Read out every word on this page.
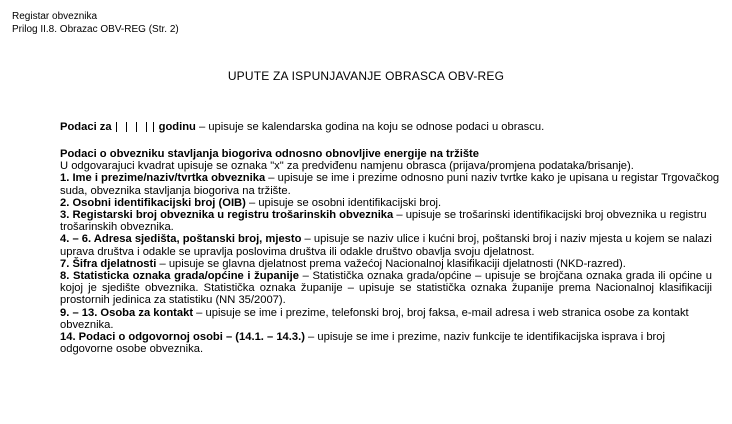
Registar obveznika
Prilog II.8. Obrazac OBV-REG (Str. 2)
UPUTE ZA ISPUNJAVANJE OBRASCA OBV-REG

Podaci za	godinu – upisuje se kalendarska godina na koju se odnose podaci u obrascu.

Podaci o obvezniku stavljanja biogoriva odnosno obnovljive energije na tržište

U odgovarajuci kvadrat upisuje se oznaka "x" za predviđenu namjenu obrasca (prijava/promjena podataka/brisanje).

1. Ime i prezime/naziv/tvrtka obveznika – upisuje se ime i prezime odnosno puni naziv tvrtke kako je upisana u registar Trgovačkog suda, obveznika stavljanja biogoriva na tržište.

2. Osobni identifikacijski broj (OIB) – upisuje se osobni identifikacijski broj.

3. Registarski broj obveznika u registru trošarinskih obveznika – upisuje se trošarinski identifikacijski broj obveznika u registru trošarinskih obveznika.

4. – 6. Adresa sjedišta, poštanski broj, mjesto – upisuje se naziv ulice i kućni broj, poštanski broj i naziv mjesta u kojem se nalazi uprava društva i odakle se upravlja poslovima društva ili odakle društvo obavlja svoju djelatnost.

7. Šifra djelatnosti – upisuje se glavna djelatnost prema važećoj Nacionalnoj klasifikaciji djelatnosti (NKD-razred).

8. Statisticka oznaka grada/općine i županije – Statistička oznaka grada/općine – upisuje se brojčana oznaka grada ili općine u kojoj je sjedište obveznika. Statistička oznaka županije – upisuje se statistička oznaka županije prema Nacionalnoj klasifikaciji prostornih jedinica za statistiku (NN 35/2007).

9. – 13. Osoba za kontakt – upisuje se ime i prezime, telefonski broj, broj faksa, e-mail adresa i web stranica osobe za kontakt obveznika.

14. Podaci o odgovornoj osobi – (14.1. – 14.3.) – upisuje se ime i prezime, naziv funkcije te identifikacijska isprava i broj odgovorne osobe obveznika.
